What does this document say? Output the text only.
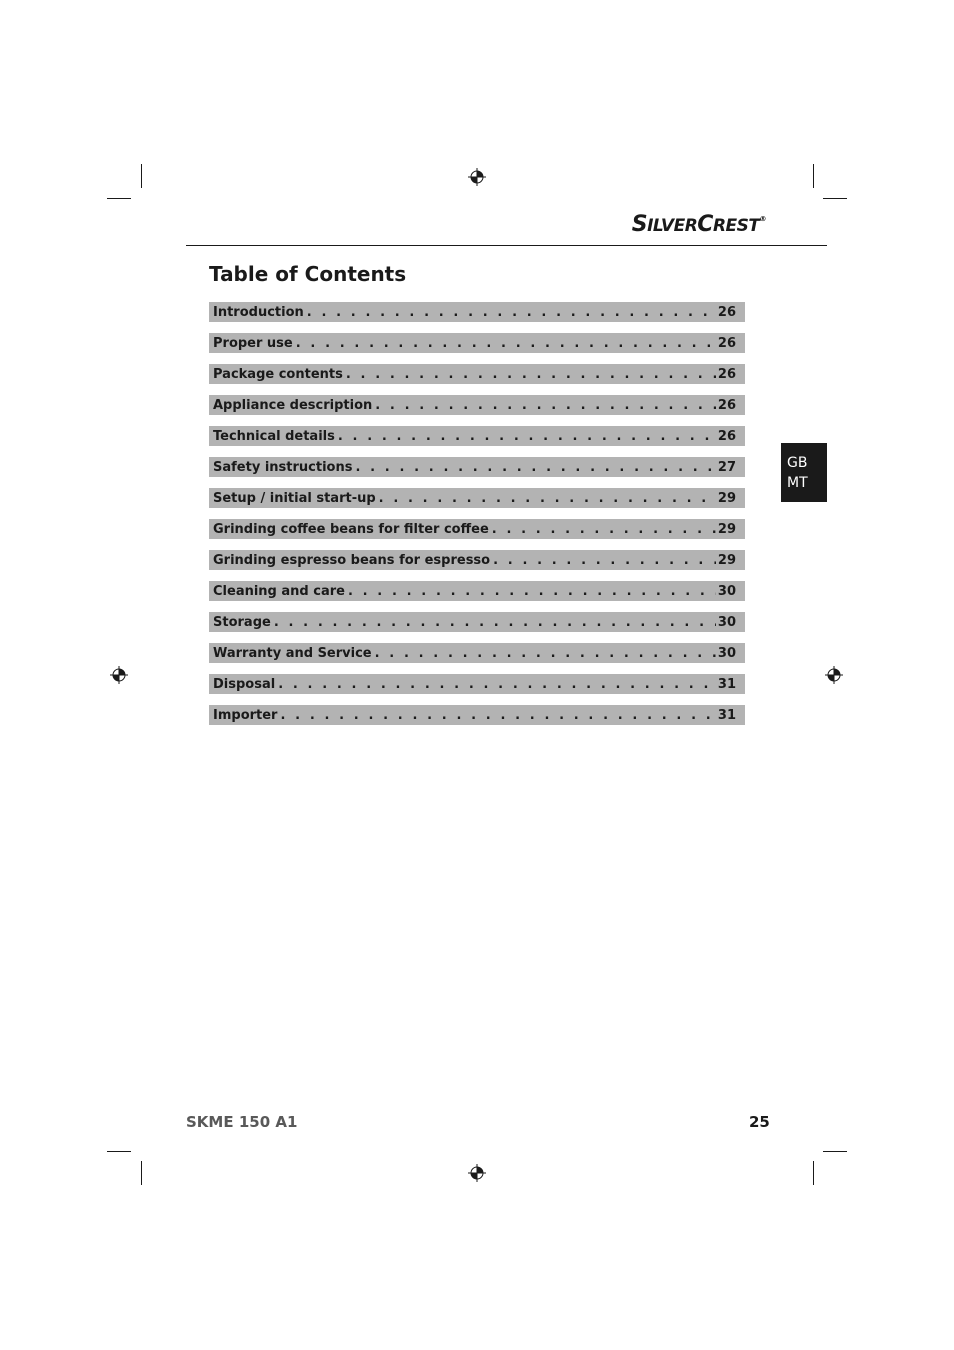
SILVERCREST®
Table of Contents
Introduction . . .	26
Proper use . . .	26
Package contents . . .	26
Appliance description . . .	26
Technical details . . .	26
Safety instructions . . .	27
Setup / initial start-up . . .	29
Grinding coffee beans for filter coffee . . .	29
Grinding espresso beans for espresso . . .	29
Cleaning and care . . .	30
Storage . . .	30
Warranty and Service . . .	30
Disposal . . .	31
Importer . . .	31
GB
MT
SKME 150 A1	25
